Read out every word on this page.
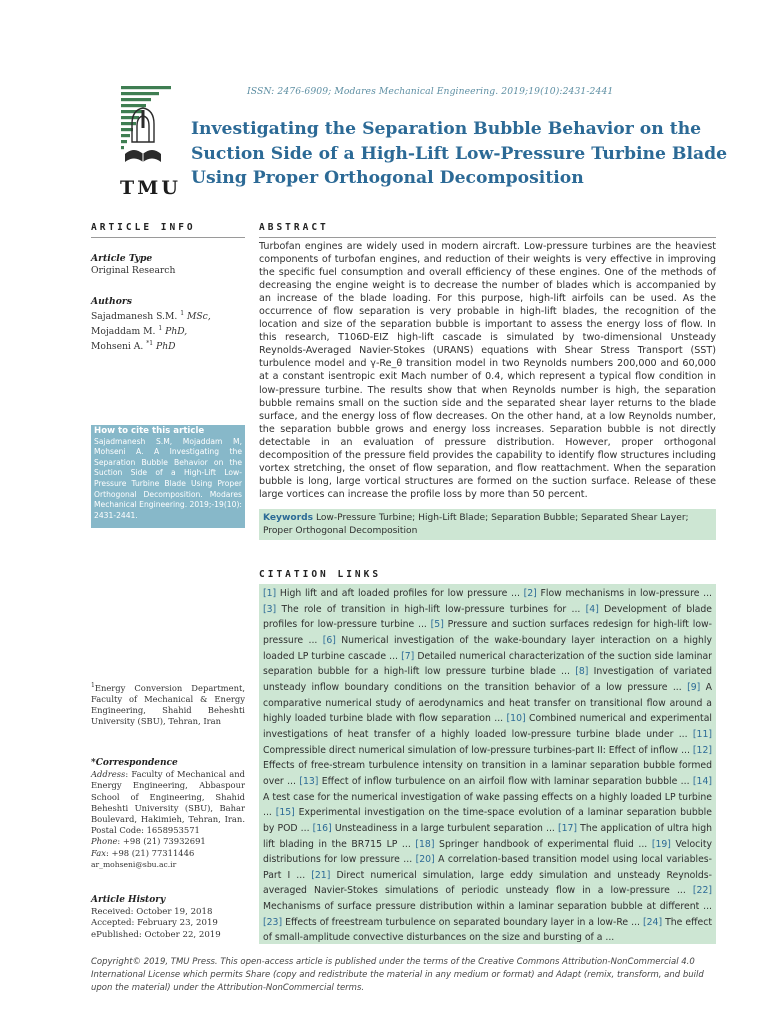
ISSN: 2476-6909; Modares Mechanical Engineering. 2019;19(10):2431-2441
T M U
Investigating the Separation Bubble Behavior on the Suction Side of a High-Lift Low-Pressure Turbine Blade Using Proper Orthogonal Decomposition
ARTICLE INFO
Article Type
Original Research
Authors
Sajadmanesh S.M. $^1$ MSc,
Mojaddam M. $^1$ PhD,
Mohseni A. $^{*1}$ PhD
How to cite this article
Sajadmanesh S.M, Mojaddam M, Mohseni A. A Investigating the Separation Bubble Behavior on the Suction Side of a High-Lift Low-Pressure Turbine Blade Using Proper Orthogonal Decomposition. Modares Mechanical Engineering. 2019;-19(10): 2431-2441.
$^1$Energy Conversion Department, Faculty of Mechanical & Energy Engineering, Shahid Beheshti University (SBU), Tehran, Iran
*Correspondence
Address: Faculty of Mechanical and Energy Engineering, Abbaspour School of Engineering, Shahid Beheshti University (SBU), Bahar Boulevard, Hakimieh, Tehran, Iran. Postal Code: 1658953571
Phone: +98 (21) 73932691
Fax: +98 (21) 77311446
ar_mohseni@sbu.ac.ir
Article History
Received: October 19, 2018
Accepted: February 23, 2019
ePublished: October 22, 2019
ABSTRACT
Turbofan engines are widely used in modern aircraft. Low-pressure turbines are the heaviest components of turbofan engines, and reduction of their weights is very effective in improving the specific fuel consumption and overall efficiency of these engines. One of the methods of decreasing the engine weight is to decrease the number of blades which is accompanied by an increase of the blade loading. For this purpose, high-lift airfoils can be used. As the occurrence of flow separation is very probable in high-lift blades, the recognition of the location and size of the separation bubble is important to assess the energy loss of flow. In this research, T106D-EIZ high-lift cascade is simulated by two-dimensional Unsteady Reynolds-Averaged Navier-Stokes (URANS) equations with Shear Stress Transport (SST) turbulence model and γ-Re_θ transition model in two Reynolds numbers 200,000 and 60,000 at a constant isentropic exit Mach number of 0.4, which represent a typical flow condition in low-pressure turbine. The results show that when Reynolds number is high, the separation bubble remains small on the suction side and the separated shear layer returns to the blade surface, and the energy loss of flow decreases. On the other hand, at a low Reynolds number, the separation bubble grows and energy loss increases. Separation bubble is not directly detectable in an evaluation of pressure distribution. However, proper orthogonal decomposition of the pressure field provides the capability to identify flow structures including vortex stretching, the onset of flow separation, and flow reattachment. When the separation bubble is long, large vortical structures are formed on the suction surface. Release of these large vortices can increase the profile loss by more than 50 percent.
Keywords Low-Pressure Turbine; High-Lift Blade; Separation Bubble; Separated Shear Layer; Proper Orthogonal Decomposition
CITATION LINKS
[1] High lift and aft loaded profiles for low pressure ... [2] Flow mechanisms in low-pressure ... [3] The role of transition in high-lift low-pressure turbines for ... [4] Development of blade profiles for low-pressure turbine ... [5] Pressure and suction surfaces redesign for high-lift low-pressure ... [6] Numerical investigation of the wake-boundary layer interaction on a highly loaded LP turbine cascade ... [7] Detailed numerical characterization of the suction side laminar separation bubble for a high-lift low pressure turbine blade ... [8] Investigation of variated unsteady inflow boundary conditions on the transition behavior of a low pressure ... [9] A comparative numerical study of aerodynamics and heat transfer on transitional flow around a highly loaded turbine blade with flow separation ... [10] Combined numerical and experimental investigations of heat transfer of a highly loaded low-pressure turbine blade under ... [11] Compressible direct numerical simulation of low-pressure turbines-part II: Effect of inflow ... [12] Effects of free-stream turbulence intensity on transition in a laminar separation bubble formed over ... [13] Effect of inflow turbulence on an airfoil flow with laminar separation bubble ... [14] A test case for the numerical investigation of wake passing effects on a highly loaded LP turbine ... [15] Experimental investigation on the time-space evolution of a laminar separation bubble by POD ... [16] Unsteadiness in a large turbulent separation ... [17] The application of ultra high lift blading in the BR715 LP ... [18] Springer handbook of experimental fluid ... [19] Velocity distributions for low pressure ... [20] A correlation-based transition model using local variables-Part I ... [21] Direct numerical simulation, large eddy simulation and unsteady Reynolds-averaged Navier-Stokes simulations of periodic unsteady flow in a low-pressure ... [22] Mechanisms of surface pressure distribution within a laminar separation bubble at different ... [23] Effects of freestream turbulence on separated boundary layer in a low-Re ... [24] The effect of small-amplitude convective disturbances on the size and bursting of a ...
Copyright© 2019, TMU Press. This open-access article is published under the terms of the Creative Commons Attribution-NonCommercial 4.0 International License which permits Share (copy and redistribute the material in any medium or format) and Adapt (remix, transform, and build upon the material) under the Attribution-NonCommercial terms.
